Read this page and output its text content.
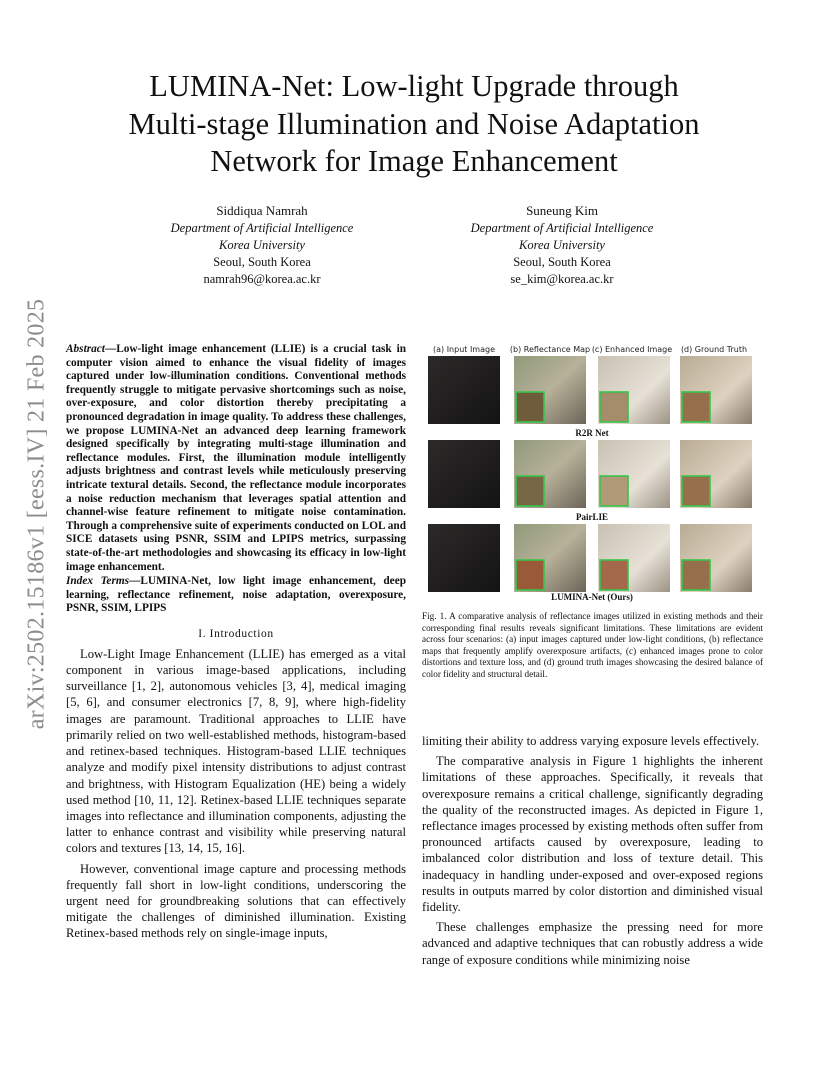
arXiv:2502.15186v1 [eess.IV] 21 Feb 2025
LUMINA-Net: Low-light Upgrade through
Multi-stage Illumination and Noise Adaptation
Network for Image Enhancement
Siddiqua Namrah
Department of Artificial Intelligence
Korea University
Seoul, South Korea
namrah96@korea.ac.kr
Suneung Kim
Department of Artificial Intelligence
Korea University
Seoul, South Korea
se_kim@korea.ac.kr
Abstract—Low-light image enhancement (LLIE) is a crucial task in computer vision aimed to enhance the visual fidelity of images captured under low-illumination conditions. Conventional methods frequently struggle to mitigate pervasive shortcomings such as noise, over-exposure, and color distortion thereby precipitating a pronounced degradation in image quality. To address these challenges, we propose LUMINA-Net an advanced deep learning framework designed specifically by integrating multi-stage illumination and reflectance modules. First, the illumination module intelligently adjusts brightness and contrast levels while meticulously preserving intricate textural details. Second, the reflectance module incorporates a noise reduction mechanism that leverages spatial attention and channel-wise feature refinement to mitigate noise contamination. Through a comprehensive suite of experiments conducted on LOL and SICE datasets using PSNR, SSIM and LPIPS metrics, surpassing state-of-the-art methodologies and showcasing its efficacy in low-light image enhancement.
Index Terms—LUMINA-Net, low light image enhancement, deep learning, reflectance refinement, noise adaptation, overexposure, PSNR, SSIM, LPIPS
I. Introduction

Low-Light Image Enhancement (LLIE) has emerged as a vital component in various image-based applications, including surveillance [1, 2], autonomous vehicles [3, 4], medical imaging [5, 6], and consumer electronics [7, 8, 9], where high-fidelity images are paramount. Traditional approaches to LLIE have primarily relied on two well-established methods, histogram-based and retinex-based techniques. Histogram-based LLIE techniques analyze and modify pixel intensity distributions to adjust contrast and brightness, with Histogram Equalization (HE) being a widely used method [10, 11, 12]. Retinex-based LLIE techniques separate images into reflectance and illumination components, adjusting the latter to enhance contrast and visibility while preserving natural colors and textures [13, 14, 15, 16].

However, conventional image capture and processing methods frequently fall short in low-light conditions, underscoring the urgent need for groundbreaking solutions that can effectively mitigate the challenges of diminished illumination. Existing Retinex-based methods rely on single-image inputs,

(a) Input Image (b) Reflectance Map (c) Enhanced Image (d) Ground Truth
R2R Net
PairLIE
LUMINA-Net (Ours)
Fig. 1. A comparative analysis of reflectance images utilized in existing methods and their corresponding final results reveals significant limitations. These limitations are evident across four scenarios: (a) input images captured under low-light conditions, (b) reflectance maps that frequently amplify overexposure artifacts, (c) enhanced images prone to color distortions and texture loss, and (d) ground truth images showcasing the desired balance of color fidelity and structural detail.

limiting their ability to address varying exposure levels effectively.

The comparative analysis in Figure 1 highlights the inherent limitations of these approaches. Specifically, it reveals that overexposure remains a critical challenge, significantly degrading the quality of the reconstructed images. As depicted in Figure 1, reflectance images processed by existing methods often suffer from pronounced artifacts caused by overexposure, leading to imbalanced color distribution and loss of texture detail. This inadequacy in handling under-exposed and over-exposed regions results in outputs marred by color distortion and diminished visual fidelity.

These challenges emphasize the pressing need for more advanced and adaptive techniques that can robustly address a wide range of exposure conditions while minimizing noise
